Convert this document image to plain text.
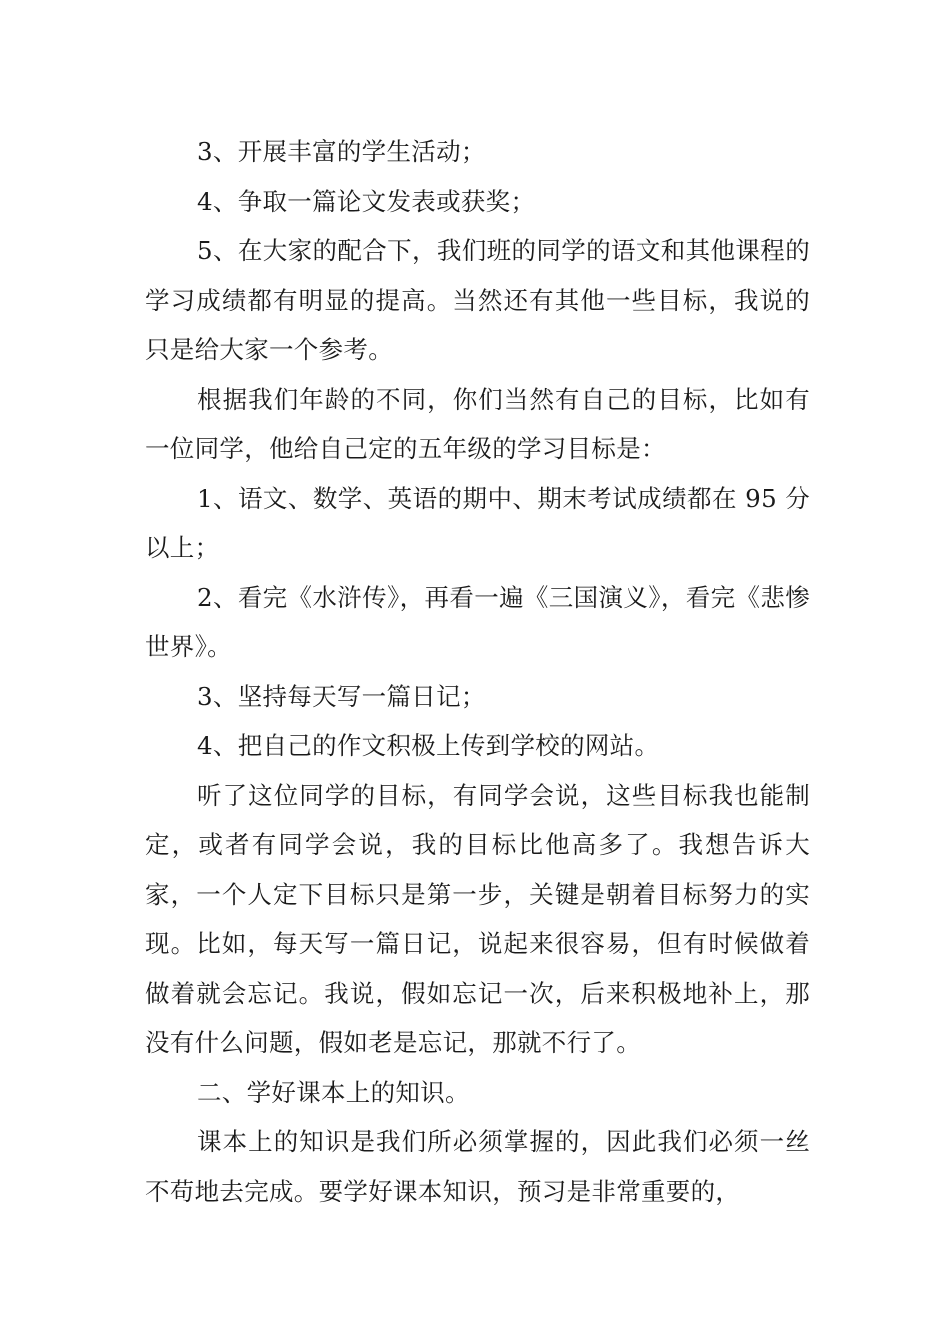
3、开展丰富的学生活动；

4、争取一篇论文发表或获奖；

5、在大家的配合下，我们班的同学的语文和其他课程的学习成绩都有明显的提高。当然还有其他一些目标，我说的只是给大家一个参考。

根据我们年龄的不同，你们当然有自己的目标，比如有一位同学，他给自己定的五年级的学习目标是：

1、语文、数学、英语的期中、期末考试成绩都在 95 分以上；

2、看完《水浒传》，再看一遍《三国演义》，看完《悲惨世界》。

3、坚持每天写一篇日记；

4、把自己的作文积极上传到学校的网站。

听了这位同学的目标，有同学会说，这些目标我也能制定，或者有同学会说，我的目标比他高多了。我想告诉大家，一个人定下目标只是第一步，关键是朝着目标努力的实现。比如，每天写一篇日记，说起来很容易，但有时候做着做着就会忘记。我说，假如忘记一次，后来积极地补上，那没有什么问题，假如老是忘记，那就不行了。

二、学好课本上的知识。

课本上的知识是我们所必须掌握的，因此我们必须一丝不苟地去完成。要学好课本知识，预习是非常重要的，
